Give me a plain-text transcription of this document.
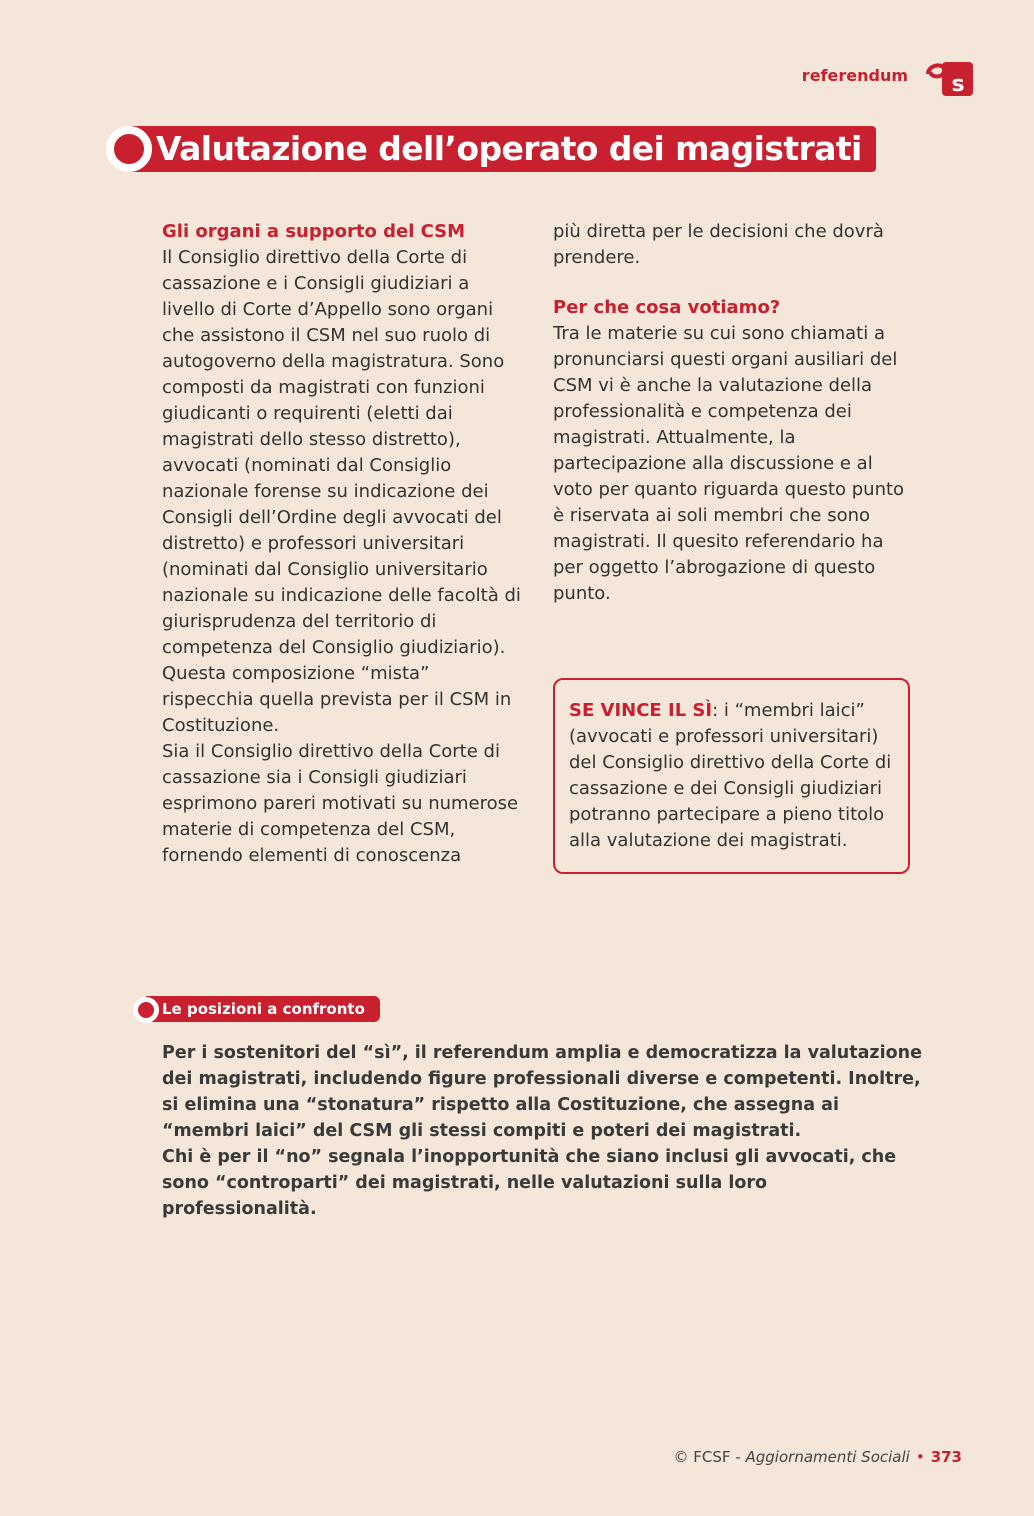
referendum s
Valutazione dell’operato dei magistrati
Gli organi a supporto del CSM

Il Consiglio direttivo della Corte di cassazione e i Consigli giudiziari a livello di Corte d’Appello sono organi che assistono il CSM nel suo ruolo di autogoverno della magistratura. Sono composti da magistrati con funzioni giudicanti o requirenti (eletti dai magistrati dello stesso distretto), avvocati (nominati dal Consiglio nazionale forense su indicazione dei Consigli dell’Ordine degli avvocati del distretto) e professori universitari (nominati dal Consiglio universitario nazionale su indicazione delle facoltà di giurisprudenza del territorio di competenza del Consiglio giudiziario). Questa composizione “mista” rispecchia quella prevista per il CSM in Costituzione.

Sia il Consiglio direttivo della Corte di cassazione sia i Consigli giudiziari esprimono pareri motivati su numerose materie di competenza del CSM, fornendo elementi di conoscenza

più diretta per le decisioni che dovrà prendere.

Per che cosa votiamo?

Tra le materie su cui sono chiamati a pronunciarsi questi organi ausiliari del CSM vi è anche la valutazione della professionalità e competenza dei magistrati. Attualmente, la partecipazione alla discussione e al voto per quanto riguarda questo punto è riservata ai soli membri che sono magistrati. Il quesito referendario ha per oggetto l’abrogazione di questo punto.

SE VINCE IL SÌ: i “membri laici” (avvocati e professori universitari) del Consiglio direttivo della Corte di cassazione e dei Consigli giudiziari potranno partecipare a pieno titolo alla valutazione dei magistrati.
Le posizioni a confronto

Per i sostenitori del “sì”, il referendum amplia e democratizza la valutazione dei magistrati, includendo figure professionali diverse e competenti. Inoltre, si elimina una “stonatura” rispetto alla Costituzione, che assegna ai “membri laici” del CSM gli stessi compiti e poteri dei magistrati.

Chi è per il “no” segnala l’inopportunità che siano inclusi gli avvocati, che sono “controparti” dei magistrati, nelle valutazioni sulla loro professionalità.

© FCSF - Aggiornamenti Sociali • 373
